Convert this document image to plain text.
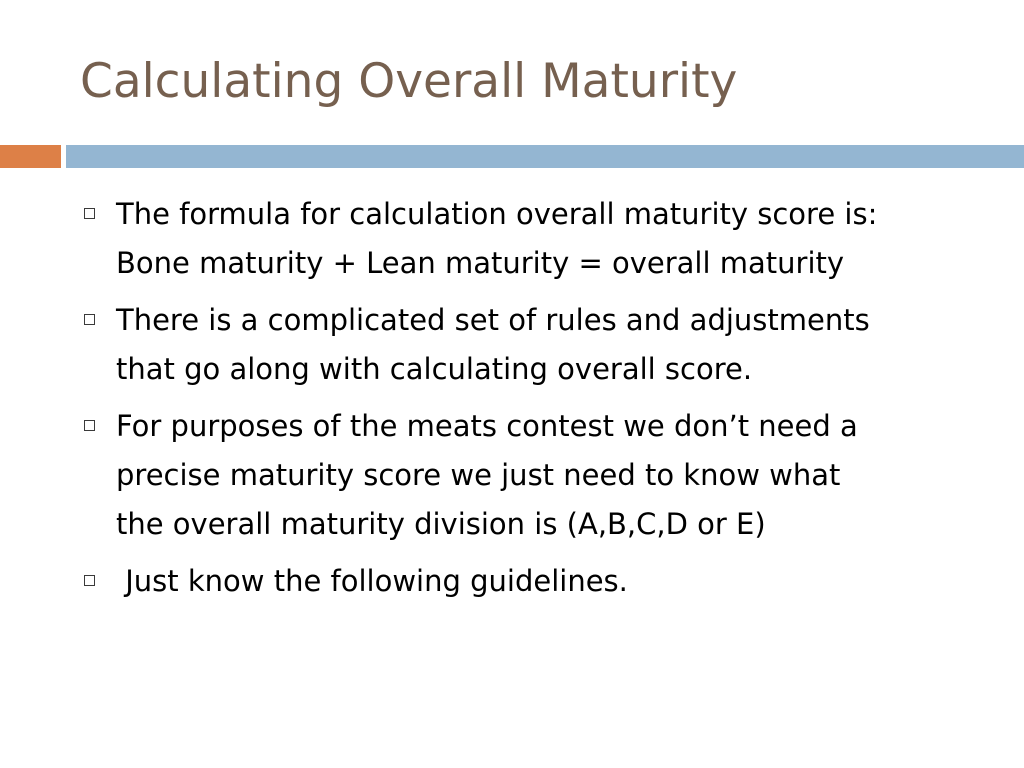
Calculating Overall Maturity
The formula for calculation overall maturity score is:
Bone maturity + Lean maturity = overall maturity
There is a complicated set of rules and adjustments
that go along with calculating overall score.
For purposes of the meats contest we don’t need a
precise maturity score we just need to know what
the overall maturity division is (A,B,C,D or E)
Just know the following guidelines.
